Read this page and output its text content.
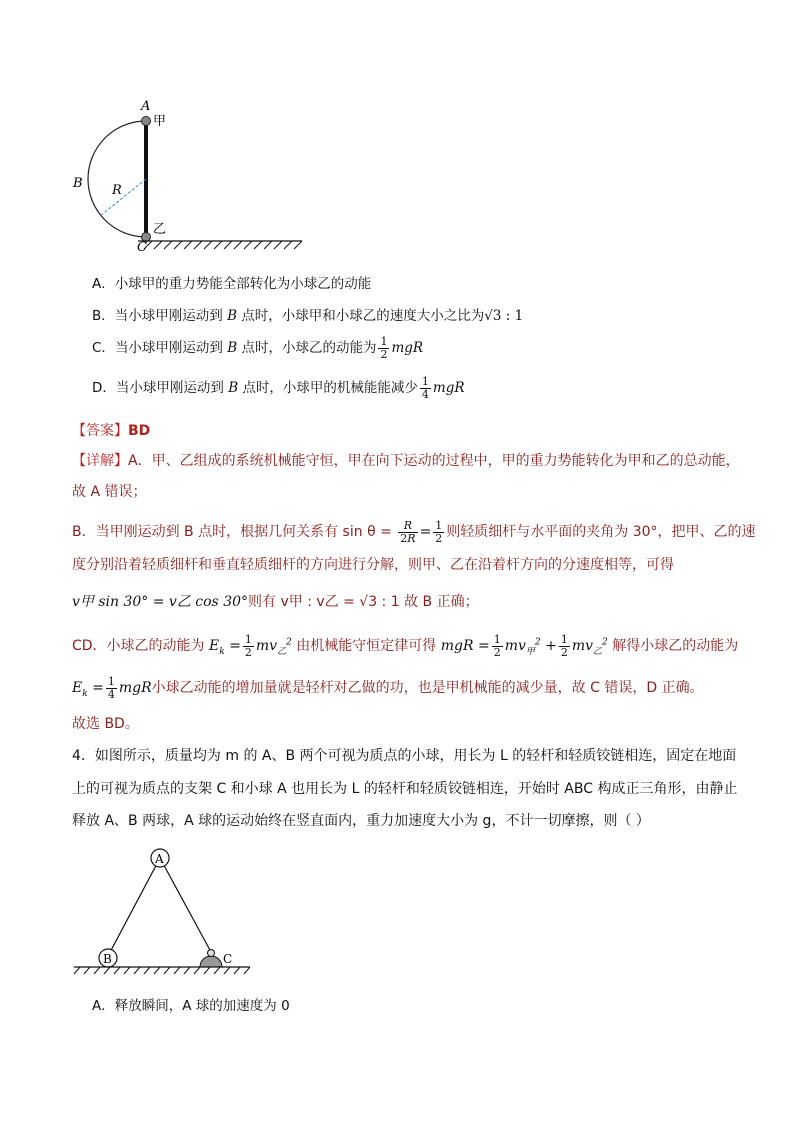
A
甲
B R
乙
C
A．小球甲的重力势能全部转化为小球乙的动能
B．当小球甲刚运动到 B 点时，小球甲和小球乙的速度大小之比为√3 : 1
C．当小球甲刚运动到 B 点时，小球乙的动能为 $\frac{1}{2}$ mgR
D．当小球甲刚运动到 B 点时，小球甲的机械能能减少 $\frac{1}{4}$ mgR
【答案】BD
【详解】A．甲、乙组成的系统机械能守恒，甲在向下运动的过程中，甲的重力势能转化为甲和乙的总动能，
故 A 错误；
B．当甲刚运动到 B 点时，根据几何关系有 $\sin \theta = \frac{R}{2R} = \frac{1}{2}$ 则轻质细杆与水平面的夹角为 30°，把甲、乙的速
度分别沿着轻质细杆和垂直轻质细杆的方向进行分解，则甲、乙在沿着杆方向的分速度相等，可得
v甲 sin 30° = v乙 cos 30°则有 v甲 : v乙 = √3 : 1 故 B 正确；
CD．小球乙的动能为 $E_k = \frac{1}{2} mv_乙^2$ 由机械能守恒定律可得 mgR = $\frac{1}{2} mv_甲^2 + \frac{1}{2} mv_乙^2$ 解得小球乙的动能为
$E_k = \frac{1}{4}$ mgR小球乙动能的增加量就是轻杆对乙做的功，也是甲机械能的减少量，故 C 错误，D 正确。
故选 BD。
4．如图所示，质量均为 m 的 A、B 两个可视为质点的小球，用长为 L 的轻杆和轻质铰链相连，固定在地面
上的可视为质点的支架 C 和小球 A 也用长为 L 的轻杆和轻质铰链相连，开始时 ABC 构成正三角形，由静止
释放 A、B 两球，A 球的运动始终在竖直面内，重力加速度大小为 g，不计一切摩擦，则（ ）
A
B	C
A．释放瞬间，A 球的加速度为 0
